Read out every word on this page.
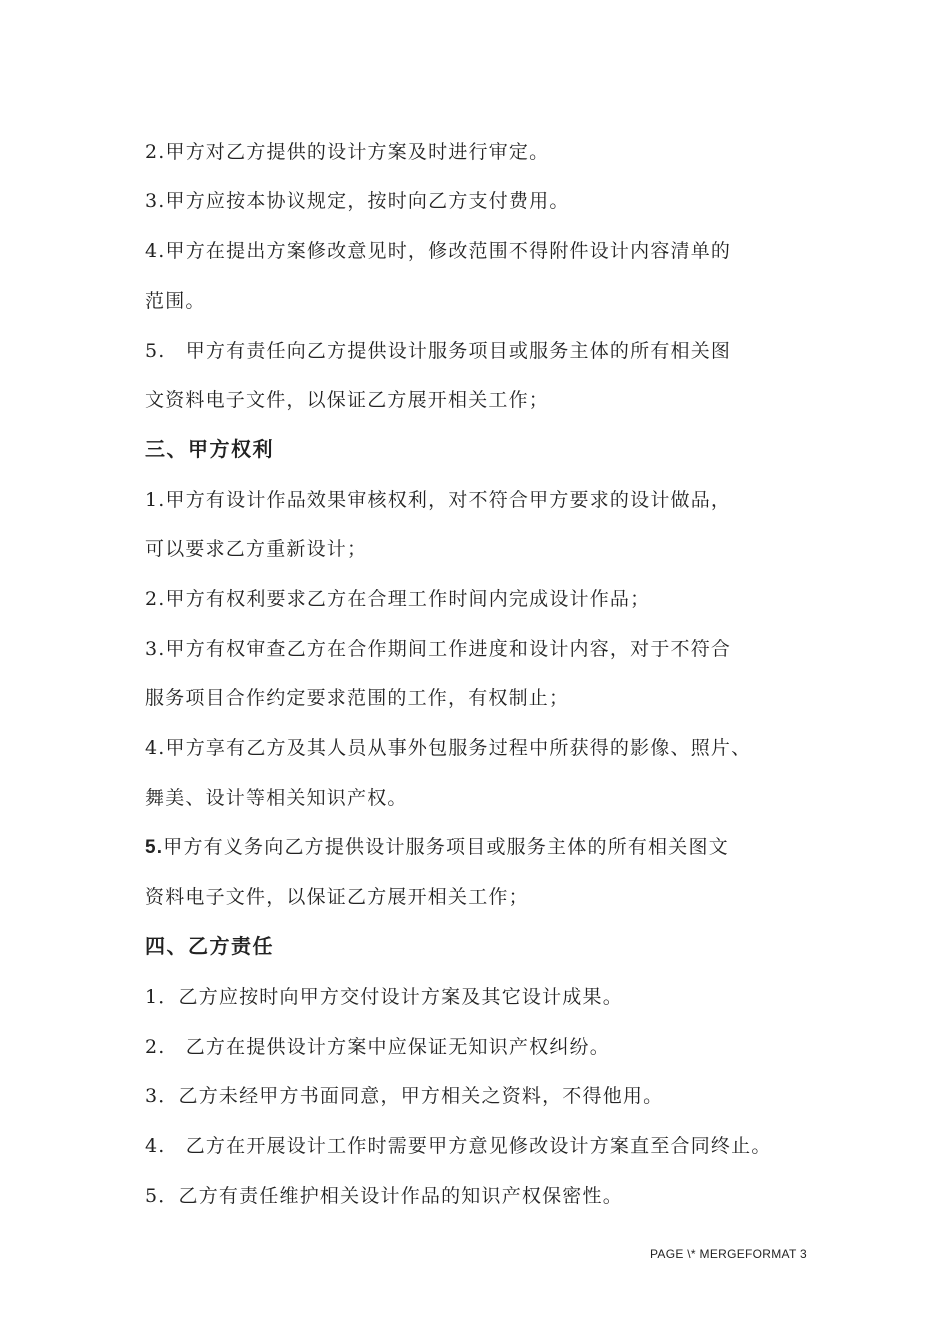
2.甲方对乙方提供的设计方案及时进行审定。
3.甲方应按本协议规定，按时向乙方支付费用。
4.甲方在提出方案修改意见时，修改范围不得附件设计内容清单的
范围。
5.　甲方有责任向乙方提供设计服务项目或服务主体的所有相关图
文资料电子文件，以保证乙方展开相关工作；
三、甲方权利
1.甲方有设计作品效果审核权利，对不符合甲方要求的设计做品，
可以要求乙方重新设计；
2.甲方有权利要求乙方在合理工作时间内完成设计作品；
3.甲方有权审查乙方在合作期间工作进度和设计内容，对于不符合
服务项目合作约定要求范围的工作，有权制止；
4.甲方享有乙方及其人员从事外包服务过程中所获得的影像、照片、
舞美、设计等相关知识产权。
5.甲方有义务向乙方提供设计服务项目或服务主体的所有相关图文
资料电子文件，以保证乙方展开相关工作；
四、乙方责任
1．乙方应按时向甲方交付设计方案及其它设计成果。
2.　乙方在提供设计方案中应保证无知识产权纠纷。
3．乙方未经甲方书面同意，甲方相关之资料，不得他用。
4.　乙方在开展设计工作时需要甲方意见修改设计方案直至合同终止。
5．乙方有责任维护相关设计作品的知识产权保密性。
PAGE \* MERGEFORMAT 3
